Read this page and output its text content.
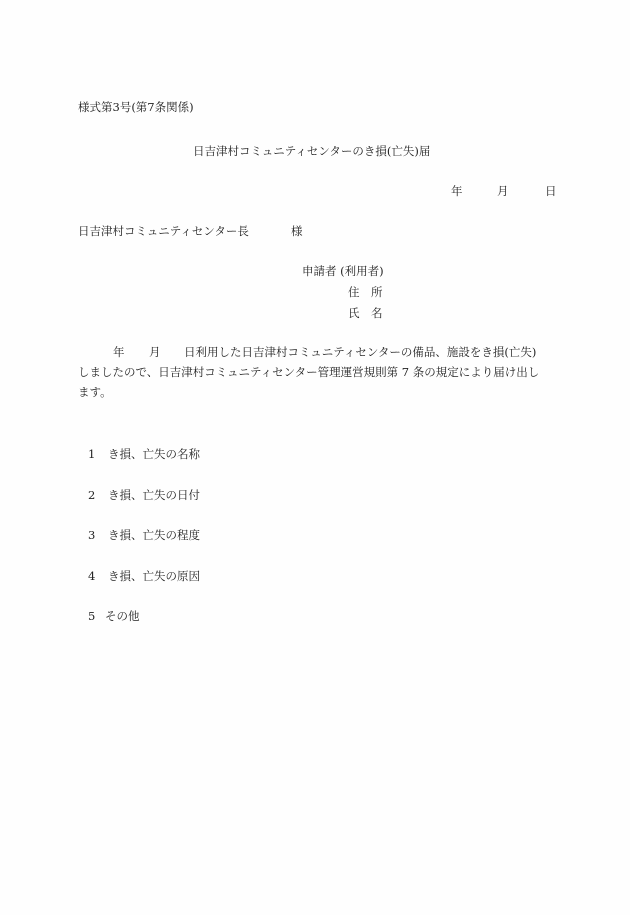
様式第3号(第7条関係)
日吉津村コミュニティセンターのき損(亡失)届
年	月	日
日吉津村コミュニティセンター長	様
申請者 (利用者)
住　所
氏　名
年 月 日利用した日吉津村コミュニティセンターの備品、施設をき損(亡失)
しましたので、日吉津村コミュニティセンター管理運営規則第 7 条の規定により届け出し
ます。
1 き損、亡失の名称
2 き損、亡失の日付
3 き損、亡失の程度
4 き損、亡失の原因
5 その他
